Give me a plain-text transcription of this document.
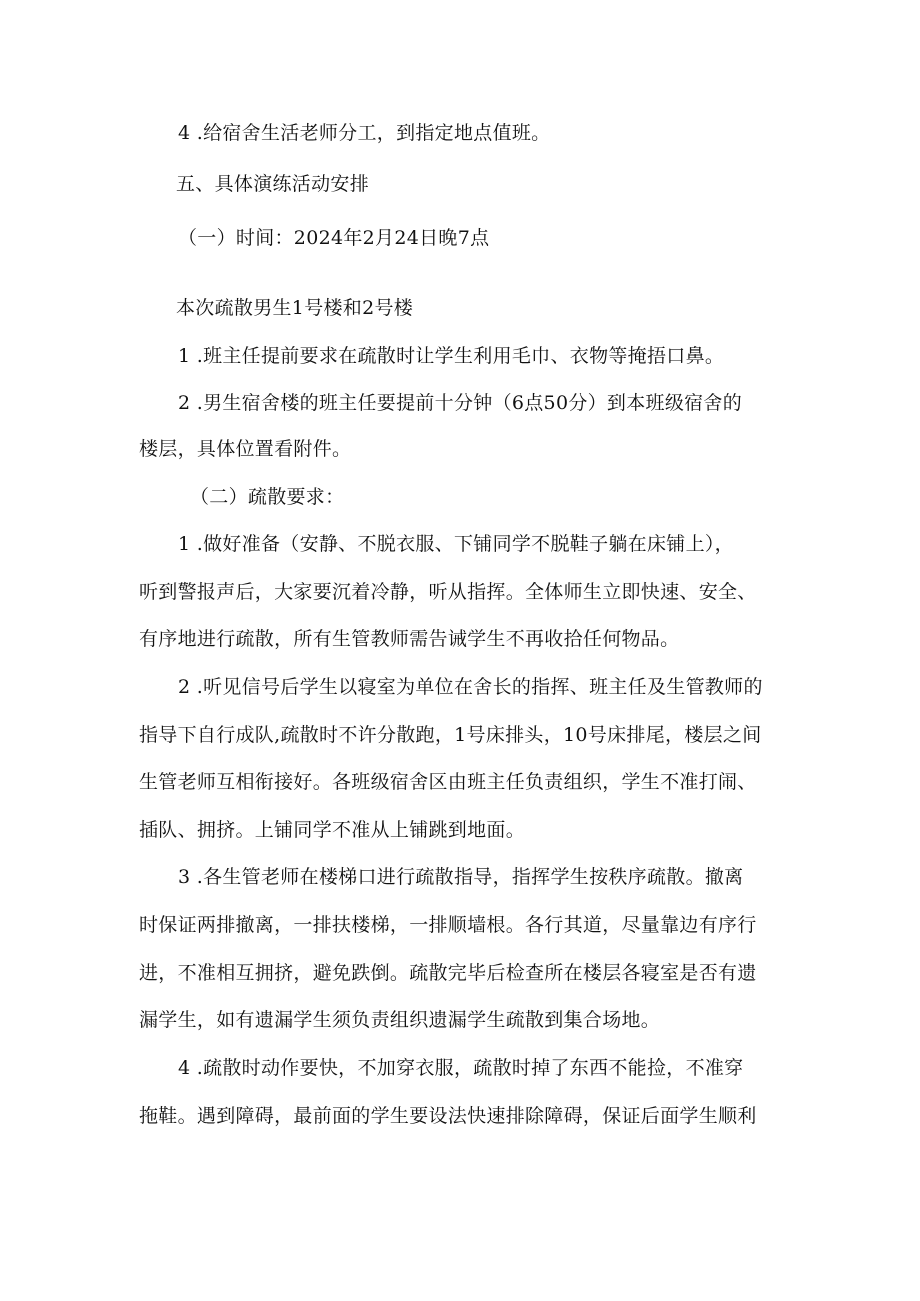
4 .给宿舍生活老师分工，到指定地点值班。
五、具体演练活动安排
（一）时间：2024年2月24日晚7点
本次疏散男生1号楼和2号楼
1 .班主任提前要求在疏散时让学生利用毛巾、衣物等掩捂口鼻。
2 .男生宿舍楼的班主任要提前十分钟（6点50分）到本班级宿舍的
楼层，具体位置看附件。
（二）疏散要求：
1 .做好准备（安静、不脱衣服、下铺同学不脱鞋子躺在床铺上），
听到警报声后，大家要沉着冷静，听从指挥。全体师生立即快速、安全、
有序地进行疏散，所有生管教师需告诫学生不再收拾任何物品。
2 .听见信号后学生以寝室为单位在舍长的指挥、班主任及生管教师的
指导下自行成队,疏散时不许分散跑，1号床排头，10号床排尾，楼层之间
生管老师互相衔接好。各班级宿舍区由班主任负责组织，学生不准打闹、
插队、拥挤。上铺同学不准从上铺跳到地面。
3 .各生管老师在楼梯口进行疏散指导，指挥学生按秩序疏散。撤离
时保证两排撤离，一排扶楼梯，一排顺墙根。各行其道，尽量靠边有序行
进，不准相互拥挤，避免跌倒。疏散完毕后检查所在楼层各寝室是否有遗
漏学生，如有遗漏学生须负责组织遗漏学生疏散到集合场地。
4 .疏散时动作要快，不加穿衣服，疏散时掉了东西不能捡，不准穿
拖鞋。遇到障碍，最前面的学生要设法快速排除障碍，保证后面学生顺利
